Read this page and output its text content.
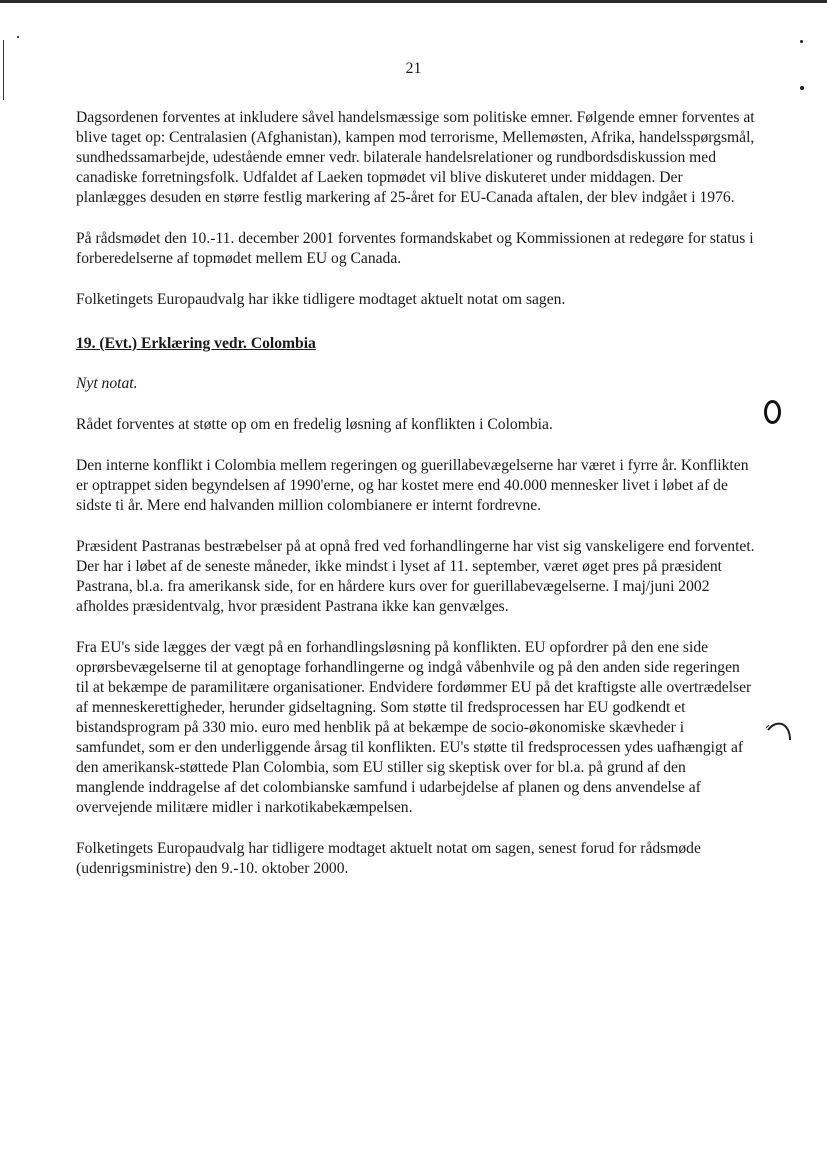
21

Dagsordenen forventes at inkludere såvel handelsmæssige som politiske emner. Følgende emner forventes at blive taget op: Centralasien (Afghanistan), kampen mod terrorisme, Mellemøsten, Afrika, handelsspørgsmål, sundhedssamarbejde, udestående emner vedr. bilaterale handelsrelationer og rundbordsdiskussion med canadiske forretningsfolk. Udfaldet af Laeken topmødet vil blive diskuteret under middagen. Der planlægges desuden en større festlig markering af 25-året for EU-Canada aftalen, der blev indgået i 1976.

På rådsmødet den 10.-11. december 2001 forventes formandskabet og Kommissionen at redegøre for status i forberedelserne af topmødet mellem EU og Canada.

Folketingets Europaudvalg har ikke tidligere modtaget aktuelt notat om sagen.

19. (Evt.) Erklæring vedr. Colombia
Nyt notat.

Rådet forventes at støtte op om en fredelig løsning af konflikten i Colombia.

Den interne konflikt i Colombia mellem regeringen og guerillabevægelserne har været i fyrre år. Konflikten er optrappet siden begyndelsen af 1990'erne, og har kostet mere end 40.000 mennesker livet i løbet af de sidste ti år. Mere end halvanden million colombianere er internt fordrevne.

Præsident Pastranas bestræbelser på at opnå fred ved forhandlingerne har vist sig vanskeligere end forventet. Der har i løbet af de seneste måneder, ikke mindst i lyset af 11. september, været øget pres på præsident Pastrana, bl.a. fra amerikansk side, for en hårdere kurs over for guerillabevægelserne. I maj/juni 2002 afholdes præsidentvalg, hvor præsident Pastrana ikke kan genvælges.

Fra EU's side lægges der vægt på en forhandlingsløsning på konflikten. EU opfordrer på den ene side oprørsbevægelserne til at genoptage forhandlingerne og indgå våbenhvile og på den anden side regeringen til at bekæmpe de paramilitære organisationer. Endvidere fordømmer EU på det kraftigste alle overtrædelser af menneskerettigheder, herunder gidseltagning. Som støtte til fredsprocessen har EU godkendt et bistandsprogram på 330 mio. euro med henblik på at bekæmpe de socio-økonomiske skævheder i samfundet, som er den underliggende årsag til konflikten. EU's støtte til fredsprocessen ydes uafhængigt af den amerikansk-støttede Plan Colombia, som EU stiller sig skeptisk over for bl.a. på grund af den manglende inddragelse af det colombianske samfund i udarbejdelse af planen og dens anvendelse af overvejende militære midler i narkotikabekæmpelsen.

Folketingets Europaudvalg har tidligere modtaget aktuelt notat om sagen, senest forud for rådsmøde (udenrigsministre) den 9.-10. oktober 2000.
